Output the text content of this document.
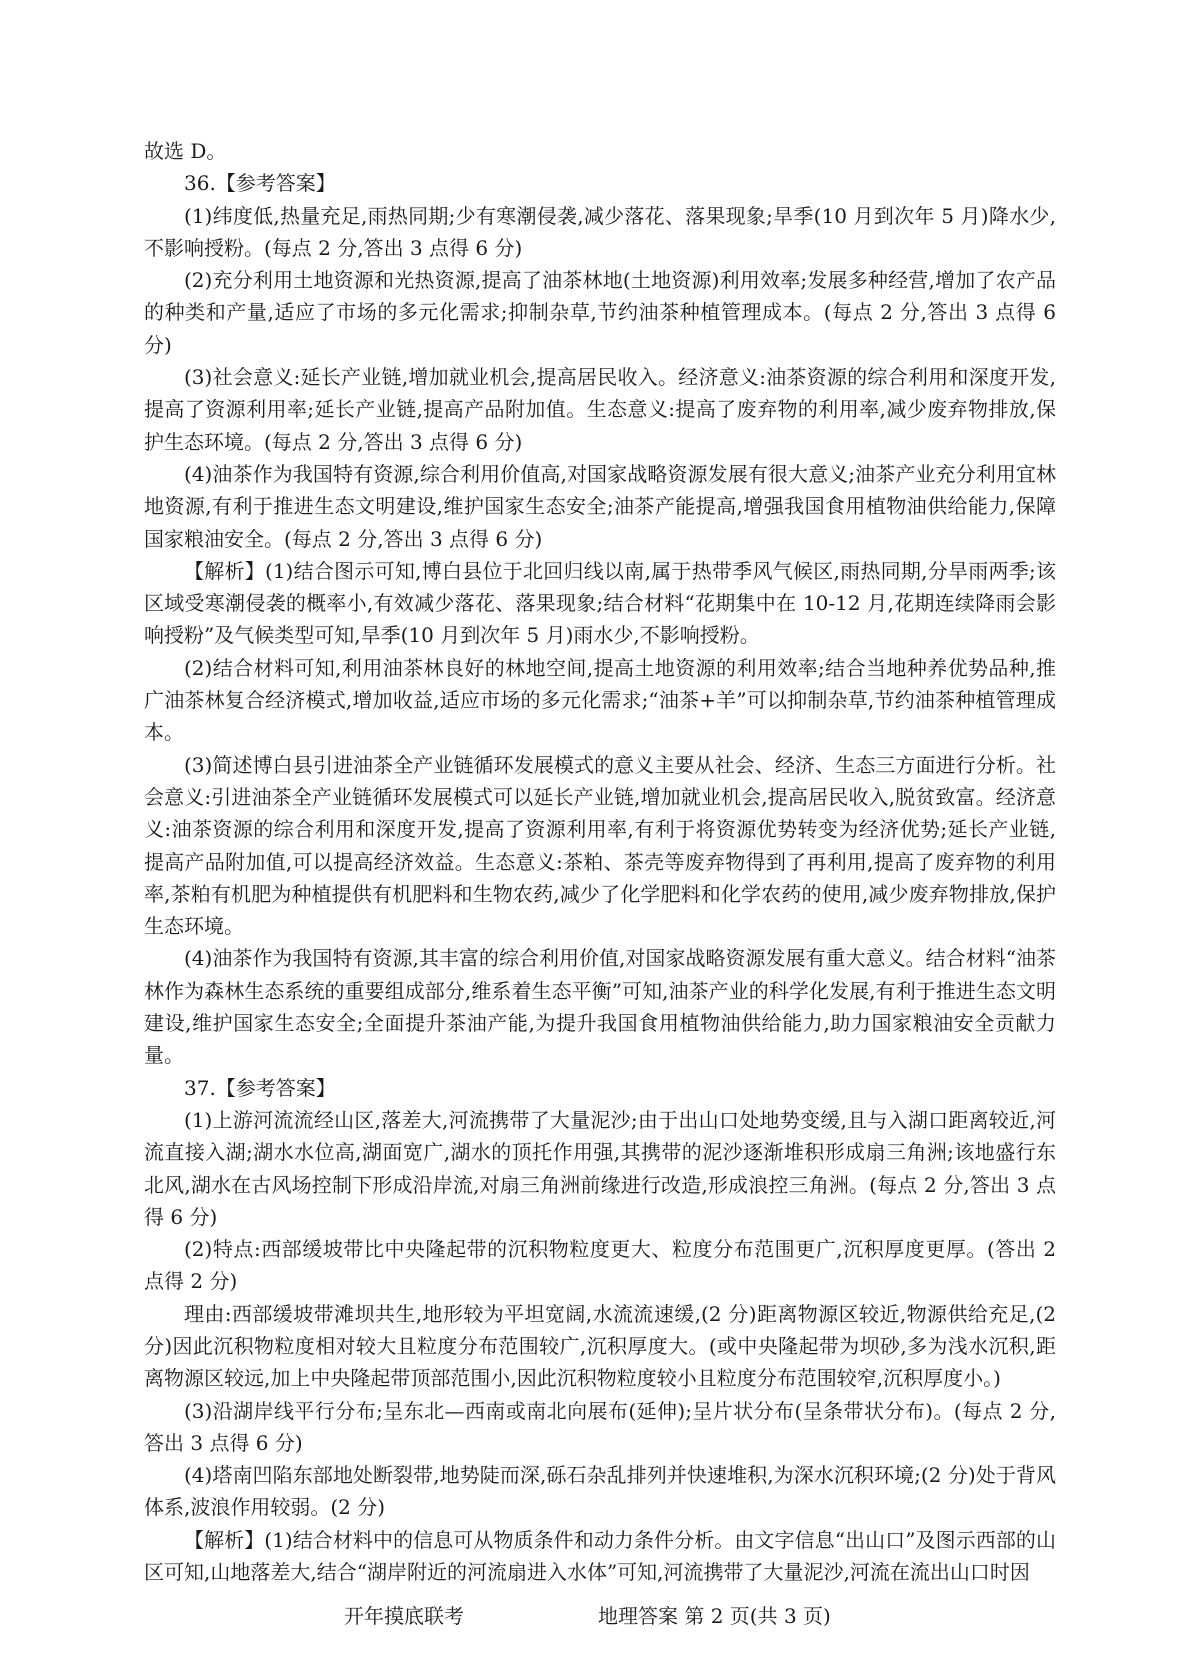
故选 D。

36.【参考答案】

(1)纬度低,热量充足,雨热同期;少有寒潮侵袭,减少落花、落果现象;旱季(10 月到次年 5 月)降水少,不影响授粉。(每点 2 分,答出 3 点得 6 分)

(2)充分利用土地资源和光热资源,提高了油茶林地(土地资源)利用效率;发展多种经营,增加了农产品的种类和产量,适应了市场的多元化需求;抑制杂草,节约油茶种植管理成本。(每点 2 分,答出 3 点得 6 分)

(3)社会意义:延长产业链,增加就业机会,提高居民收入。经济意义:油茶资源的综合利用和深度开发,提高了资源利用率;延长产业链,提高产品附加值。生态意义:提高了废弃物的利用率,减少废弃物排放,保护生态环境。(每点 2 分,答出 3 点得 6 分)

(4)油茶作为我国特有资源,综合利用价值高,对国家战略资源发展有很大意义;油茶产业充分利用宜林地资源,有利于推进生态文明建设,维护国家生态安全;油茶产能提高,增强我国食用植物油供给能力,保障国家粮油安全。(每点 2 分,答出 3 点得 6 分)

【解析】(1)结合图示可知,博白县位于北回归线以南,属于热带季风气候区,雨热同期,分旱雨两季;该区域受寒潮侵袭的概率小,有效减少落花、落果现象;结合材料“花期集中在 10-12 月,花期连续降雨会影响授粉”及气候类型可知,旱季(10 月到次年 5 月)雨水少,不影响授粉。

(2)结合材料可知,利用油茶林良好的林地空间,提高土地资源的利用效率;结合当地种养优势品种,推广油茶林复合经济模式,增加收益,适应市场的多元化需求;“油茶+羊”可以抑制杂草,节约油茶种植管理成本。

(3)简述博白县引进油茶全产业链循环发展模式的意义主要从社会、经济、生态三方面进行分析。社会意义:引进油茶全产业链循环发展模式可以延长产业链,增加就业机会,提高居民收入,脱贫致富。经济意义:油茶资源的综合利用和深度开发,提高了资源利用率,有利于将资源优势转变为经济优势;延长产业链,提高产品附加值,可以提高经济效益。生态意义:茶粕、茶壳等废弃物得到了再利用,提高了废弃物的利用率,茶粕有机肥为种植提供有机肥料和生物农药,减少了化学肥料和化学农药的使用,减少废弃物排放,保护生态环境。

(4)油茶作为我国特有资源,其丰富的综合利用价值,对国家战略资源发展有重大意义。结合材料“油茶林作为森林生态系统的重要组成部分,维系着生态平衡”可知,油茶产业的科学化发展,有利于推进生态文明建设,维护国家生态安全;全面提升茶油产能,为提升我国食用植物油供给能力,助力国家粮油安全贡献力量。

37.【参考答案】

(1)上游河流流经山区,落差大,河流携带了大量泥沙;由于出山口处地势变缓,且与入湖口距离较近,河流直接入湖;湖水水位高,湖面宽广,湖水的顶托作用强,其携带的泥沙逐渐堆积形成扇三角洲;该地盛行东北风,湖水在古风场控制下形成沿岸流,对扇三角洲前缘进行改造,形成浪控三角洲。(每点 2 分,答出 3 点得 6 分)

(2)特点:西部缓坡带比中央隆起带的沉积物粒度更大、粒度分布范围更广,沉积厚度更厚。(答出 2 点得 2 分)

理由:西部缓坡带滩坝共生,地形较为平坦宽阔,水流流速缓,(2 分)距离物源区较近,物源供给充足,(2 分)因此沉积物粒度相对较大且粒度分布范围较广,沉积厚度大。(或中央隆起带为坝砂,多为浅水沉积,距离物源区较远,加上中央隆起带顶部范围小,因此沉积物粒度较小且粒度分布范围较窄,沉积厚度小。)

(3)沿湖岸线平行分布;呈东北—西南或南北向展布(延伸);呈片状分布(呈条带状分布)。(每点 2 分,答出 3 点得 6 分)

(4)塔南凹陷东部地处断裂带,地势陡而深,砾石杂乱排列并快速堆积,为深水沉积环境;(2 分)处于背风体系,波浪作用较弱。(2 分)

【解析】(1)结合材料中的信息可从物质条件和动力条件分析。由文字信息“出山口”及图示西部的山区可知,山地落差大,结合“湖岸附近的河流扇进入水体”可知,河流携带了大量泥沙,河流在流出山口时因

开年摸底联考	地理答案 第 2 页(共 3 页)
